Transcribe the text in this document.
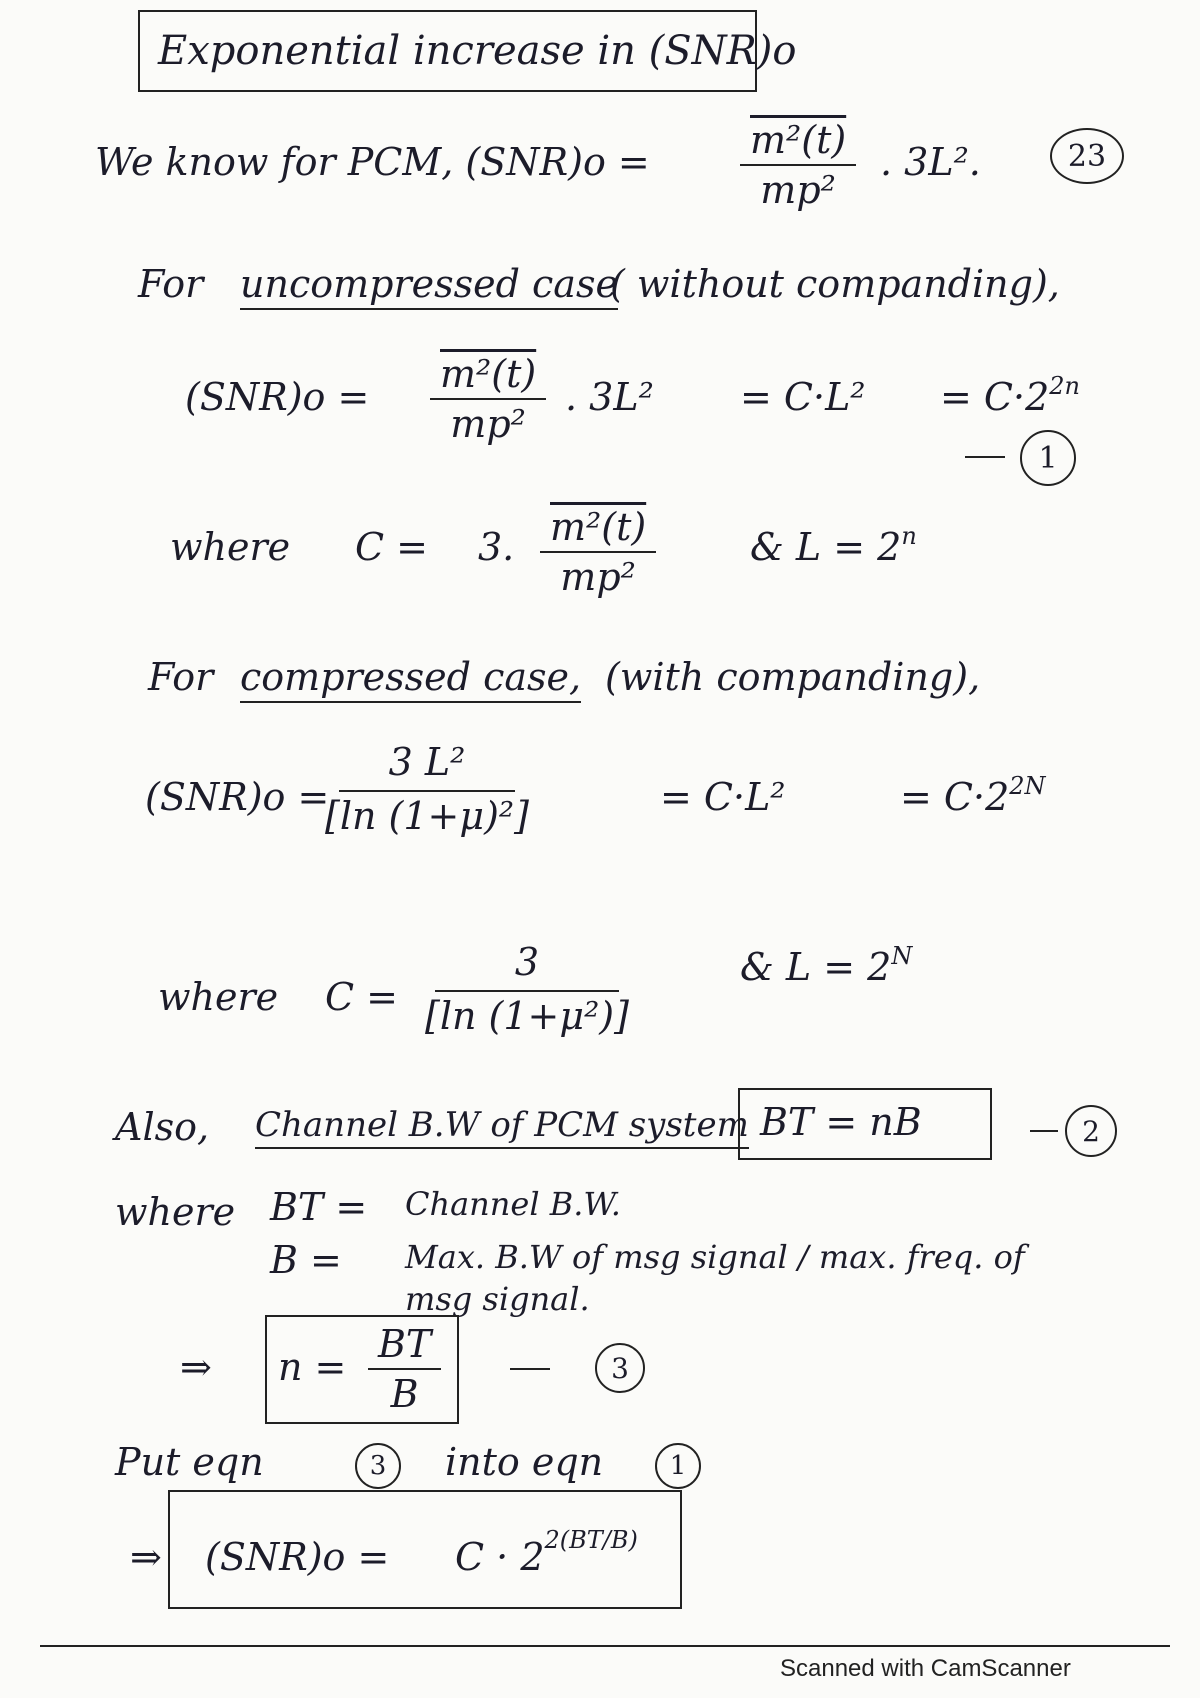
Exponential increase in (SNR)o
23
We know for PCM, $(SNR)o = \frac{\text{m²(t)}}{\text{mp²}}$ . 3L².
For uncompressed case
( without companding),
$(SNR)o = \frac{\text{m²(t)}}{\text{mp²}}$ . $3L^2 = C\cdot L^2 = C\cdot 2^{2n}$
1
where C = 3. $\frac{\text{m²(t)}}{\text{mp²}}$ & $L = 2^n$
For compressed case, (with companding),
(SNR)o =
$\frac{\text{3 L²}}{\text{[ln (1+μ)²]}}$	= C·L²	= $C\cdot 2^{2N}$
where $C = \frac{3}{\text{[ln (1+μ²)]}}$	& $L = 2^N$
Also, Channel B.W of PCM system BT = nB	2
where BT = Channel B.W.
B = Max. B.W of msg signal / max. freq. of
msg signal.
⇒ $n = \frac{BT}{B}$	3
Put eqn	3	into eqn	1
⇒ $(SNR)o = C \cdot 2^{2(BT/B)}$
Scanned with CamScanner
